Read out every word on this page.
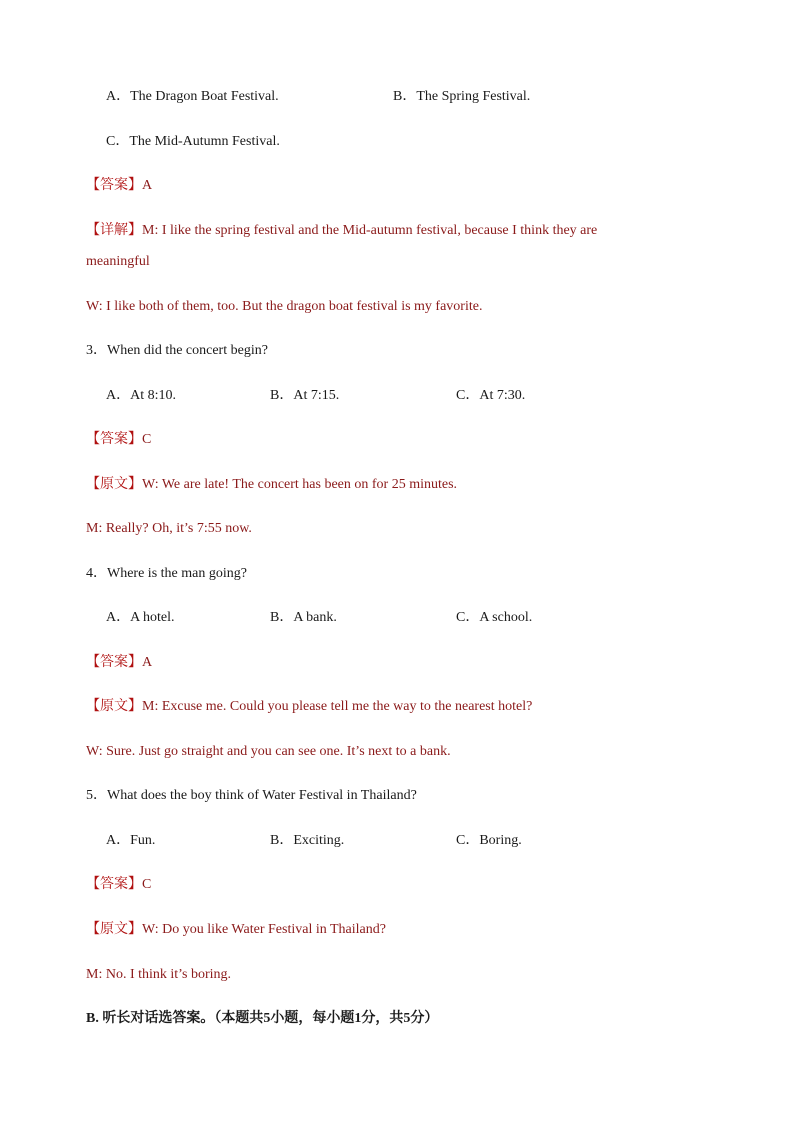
A．The Dragon Boat Festival.	B．The Spring Festival.
C．The Mid-Autumn Festival.
【答案】A
【详解】M: I like the spring festival and the Mid-autumn festival, because I think they are
meaningful
W: I like both of them, too. But the dragon boat festival is my favorite.
3．When did the concert begin?
A．At 8:10.	B．At 7:15.	C．At 7:30.
【答案】C
【原文】W: We are late! The concert has been on for 25 minutes.
M: Really? Oh, it’s 7:55 now.
4．Where is the man going?
A．A hotel.	B．A bank.	C．A school.
【答案】A
【原文】M: Excuse me. Could you please tell me the way to the nearest hotel?
W: Sure. Just go straight and you can see one. It’s next to a bank.
5．What does the boy think of Water Festival in Thailand?
A．Fun.	B．Exciting.	C．Boring.
【答案】C
【原文】W: Do you like Water Festival in Thailand?
M: No. I think it’s boring.
B. 听长对话选答案。（本题共5小题，每小题1分，共5分）
